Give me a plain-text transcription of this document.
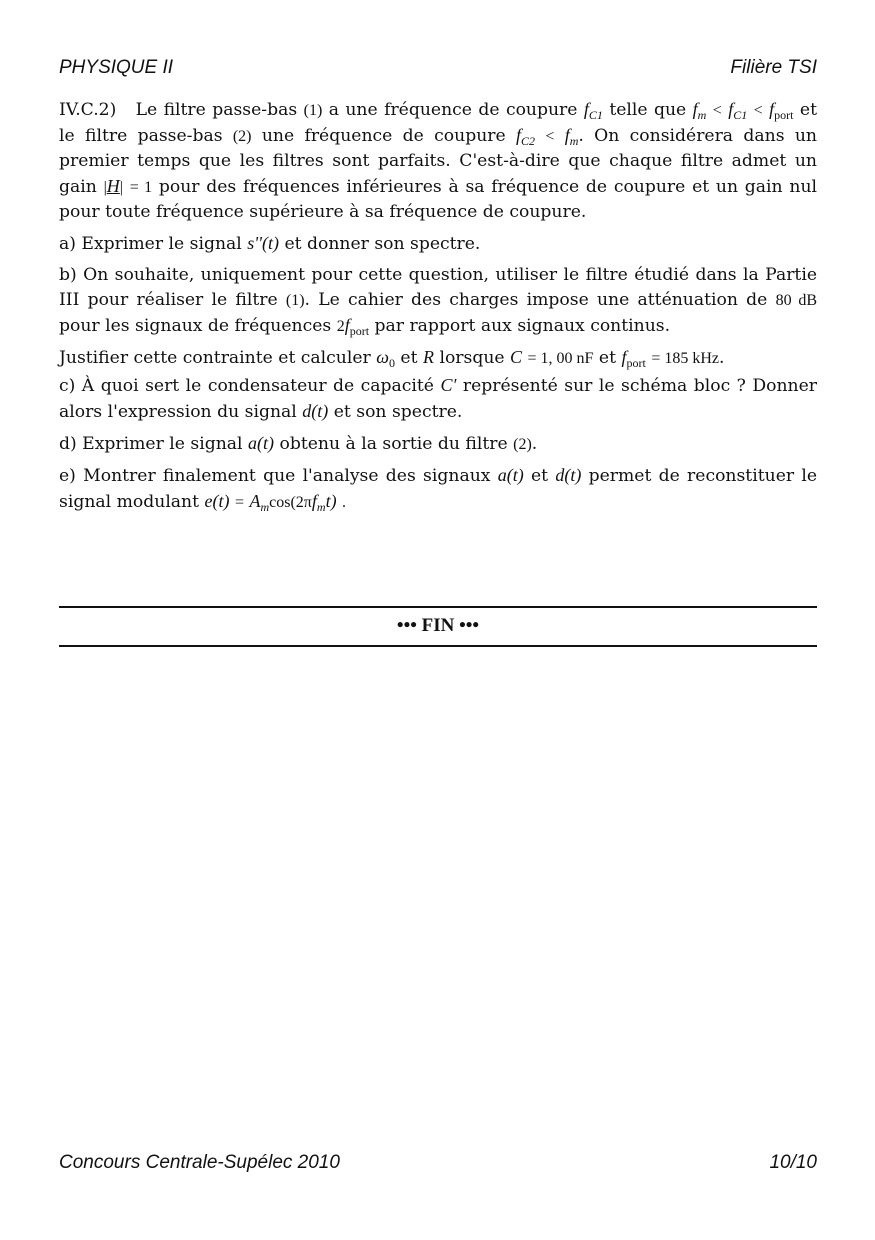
PHYSIQUE II	Filière TSI

IV.C.2) Le filtre passe-bas (1) a une fréquence de coupure $f_{C1}$ telle que $f_m < f_{C1} < f_{port}$ et le filtre passe-bas (2) une fréquence de coupure $f_{C2} < f_m$. On considérera dans un premier temps que les filtres sont parfaits. C'est-à-dire que chaque filtre admet un gain |H| = 1 pour des fréquences inférieures à sa fréquence de coupure et un gain nul pour toute fréquence supérieure à sa fréquence de coupure.

a) Exprimer le signal s''(t) et donner son spectre.

b) On souhaite, uniquement pour cette question, utiliser le filtre étudié dans la Partie III pour réaliser le filtre (1). Le cahier des charges impose une atténuation de 80 dB pour les signaux de fréquences $2f_{port}$ par rapport aux signaux continus.

Justifier cette contrainte et calculer $\omega_0$ et R lorsque C = 1, 00 nF et $f_{port} = 185$ kHz.

c) À quoi sert le condensateur de capacité C′ représenté sur le schéma bloc ? Donner alors l'expression du signal d(t) et son spectre.

d) Exprimer le signal a(t) obtenu à la sortie du filtre (2).

e) Montrer finalement que l'analyse des signaux a(t) et d(t) permet de reconstituer le signal modulant $e(t) = A_m\cos(2\pi f_mt)$ .

••• FIN •••
Concours Centrale-Supélec 2010	10/10
